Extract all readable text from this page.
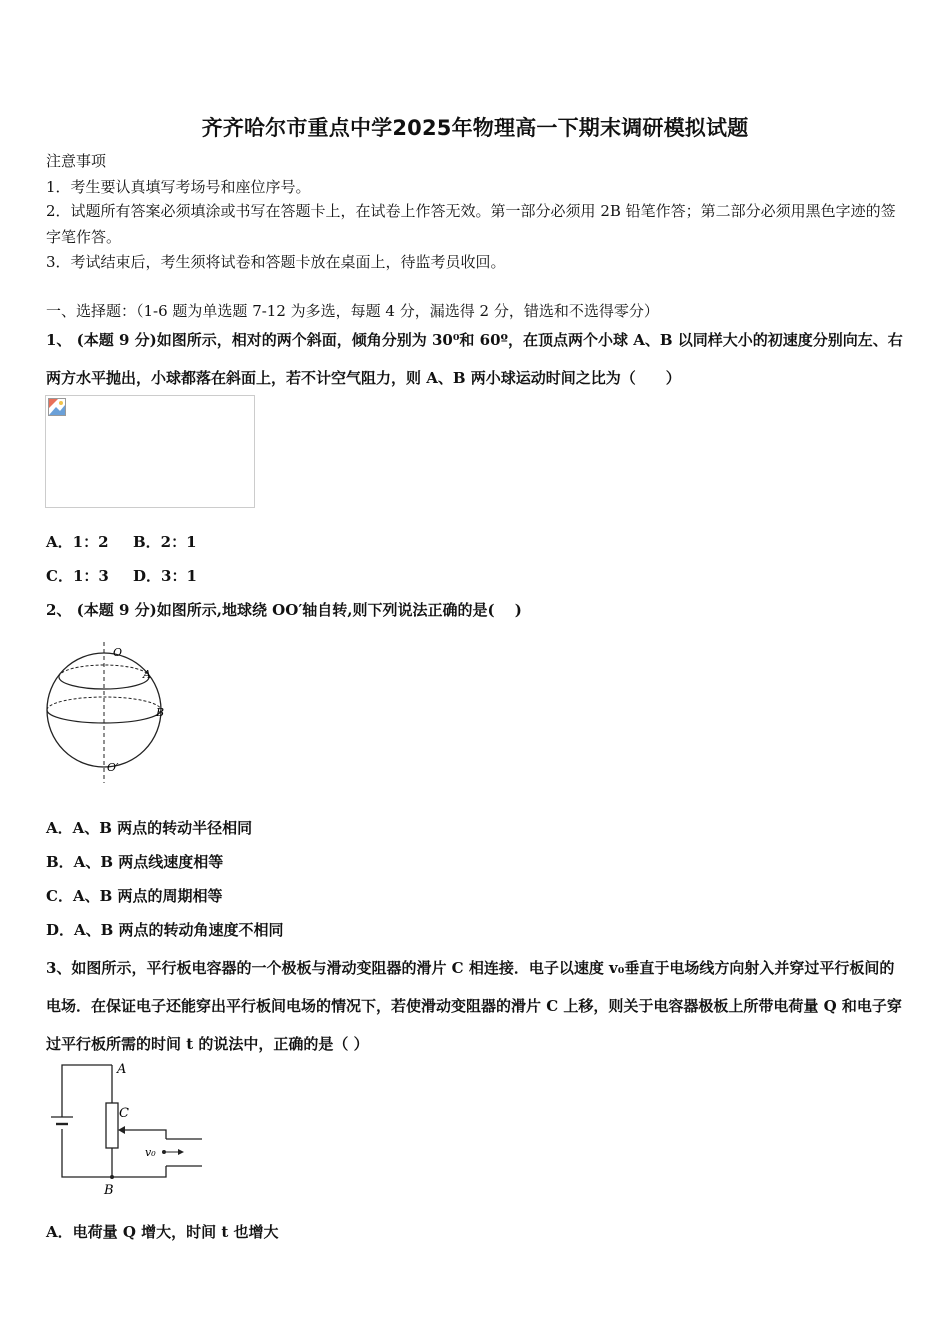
齐齐哈尔市重点中学2025年物理高一下期末调研模拟试题
注意事项
1．考生要认真填写考场号和座位序号。
2．试题所有答案必须填涂或书写在答题卡上，在试卷上作答无效。第一部分必须用 2B 铅笔作答；第二部分必须用黑色字迹的签字笔作答。
3．考试结束后，考生须将试卷和答题卡放在桌面上，待监考员收回。
一、选择题：（1-6 题为单选题 7-12 为多选，每题 4 分，漏选得 2 分，错选和不选得零分）
1、 (本题 9 分)如图所示，相对的两个斜面，倾角分别为 30⁰和 60º，在顶点两个小球 A、B 以同样大小的初速度分别向左、右两方水平抛出，小球都落在斜面上，若不计空气阻力，则 A、B 两小球运动时间之比为（　　）
A．1：2 B．2：1
C．1：3 D．3：1
2、 (本题 9 分)如图所示,地球绕 OO′轴自转,则下列说法正确的是(　 )
O
A
B
O′
A．A、B 两点的转动半径相同
B．A、B 两点线速度相等
C．A、B 两点的周期相等
D．A、B 两点的转动角速度不相同
3、如图所示，平行板电容器的一个极板与滑动变阻器的滑片 C 相连接．电子以速度 v₀垂直于电场线方向射入并穿过平行板间的电场．在保证电子还能穿出平行板间电场的情况下，若使滑动变阻器的滑片 C 上移，则关于电容器极板上所带电荷量 Q 和电子穿过平行板所需的时间 t 的说法中，正确的是（ ）
A
C
B
v₀
A．电荷量 Q 增大，时间 t 也增大
